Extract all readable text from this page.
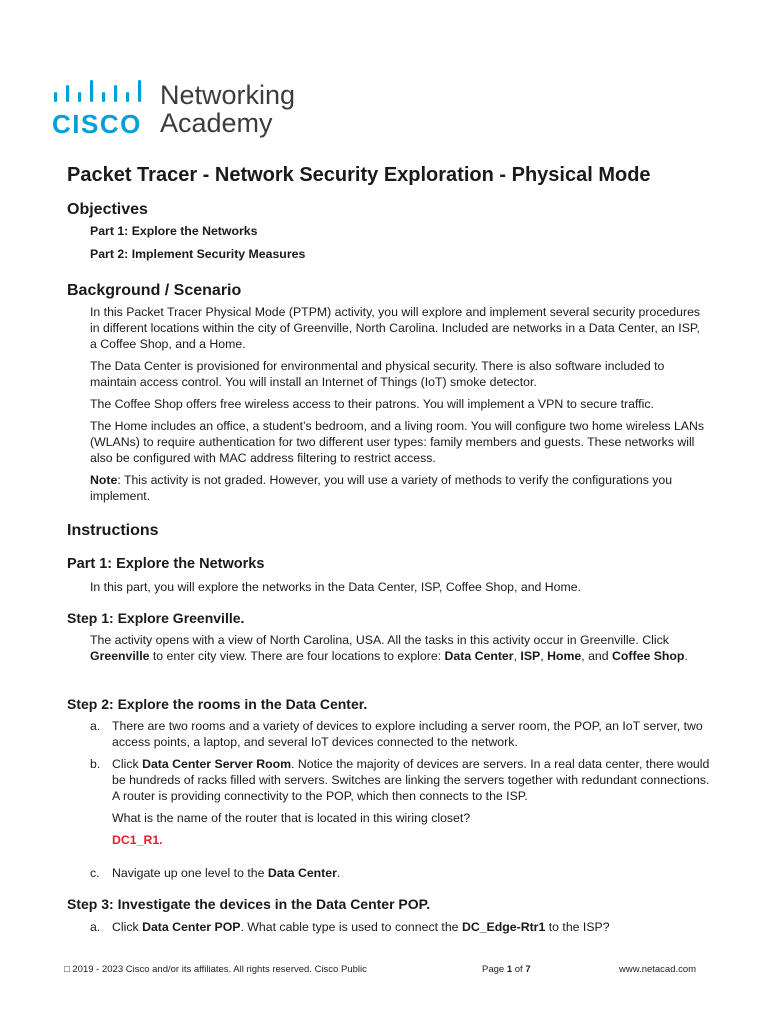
CISCO
Networking
Academy
Packet Tracer - Network Security Exploration - Physical Mode
Objectives

Part 1: Explore the Networks

Part 2: Implement Security Measures

Background / Scenario

In this Packet Tracer Physical Mode (PTPM) activity, you will explore and implement several security procedures in different locations within the city of Greenville, North Carolina. Included are networks in a Data Center, an ISP, a Coffee Shop, and a Home.

The Data Center is provisioned for environmental and physical security. There is also software included to maintain access control. You will install an Internet of Things (IoT) smoke detector.

The Coffee Shop offers free wireless access to their patrons. You will implement a VPN to secure traffic.

The Home includes an office, a student’s bedroom, and a living room. You will configure two home wireless LANs (WLANs) to require authentication for two different user types: family members and guests. These networks will also be configured with MAC address filtering to restrict access.

Note: This activity is not graded. However, you will use a variety of methods to verify the configurations you implement.

Instructions
Part 1: Explore the Networks

In this part, you will explore the networks in the Data Center, ISP, Coffee Shop, and Home.

Step 1: Explore Greenville.

The activity opens with a view of North Carolina, USA. All the tasks in this activity occur in Greenville. Click Greenville to enter city view. There are four locations to explore: Data Center, ISP, Home, and Coffee Shop.

Step 2: Explore the rooms in the Data Center.
a. There are two rooms and a variety of devices to explore including a server room, the POP, an IoT server, two access points, a laptop, and several IoT devices connected to the network.
b. Click Data Center Server Room. Notice the majority of devices are servers. In a real data center, there would be hundreds of racks filled with servers. Switches are linking the servers together with redundant connections. A router is providing connectivity to the POP, which then connects to the ISP.

What is the name of the router that is located in this wiring closet?

DC1_R1.

c. Navigate up one level to the Data Center.
Step 3: Investigate the devices in the Data Center POP.
a. Click Data Center POP. What cable type is used to connect the DC_Edge-Rtr1 to the ISP?
□ 2019 - 2023 Cisco and/or its affiliates. All rights reserved. Cisco Public	Page 1 of 7	www.netacad.com
